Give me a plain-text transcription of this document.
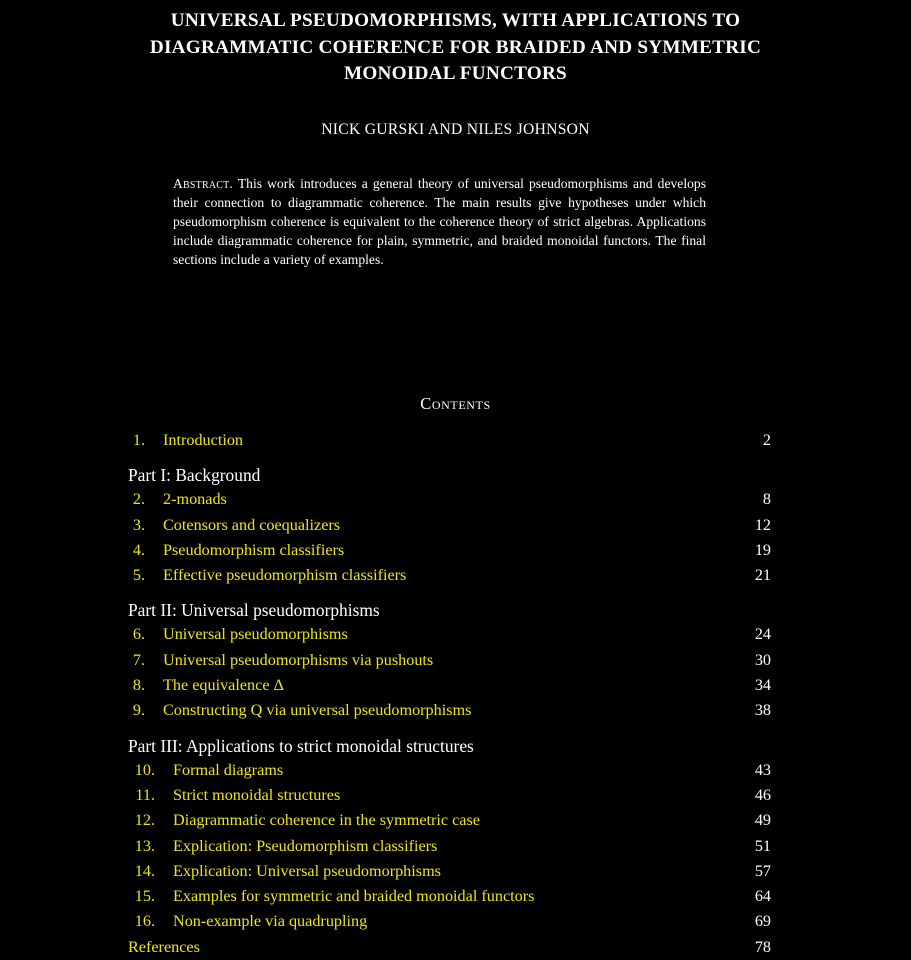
UNIVERSAL PSEUDOMORPHISMS, WITH APPLICATIONS TO
DIAGRAMMATIC COHERENCE FOR BRAIDED AND SYMMETRIC
MONOIDAL FUNCTORS
NICK GURSKI AND NILES JOHNSON
Abstract. This work introduces a general theory of universal pseudomorphisms and develops their connection to diagrammatic coherence. The main results give hypotheses under which pseudomorphism coherence is equivalent to the coherence theory of strict algebras. Applications include diagrammatic coherence for plain, symmetric, and braided monoidal functors. The final sections include a variety of examples.
Contents
1. Introduction	2
Part I: Background
2. 2-monads	8
3. Cotensors and coequalizers	12
4. Pseudomorphism classifiers	19
5. Effective pseudomorphism classifiers	21
Part II: Universal pseudomorphisms
6. Universal pseudomorphisms	24
7. Universal pseudomorphisms via pushouts	30
8. The equivalence Δ	34
9. Constructing Q via universal pseudomorphisms	38
Part III: Applications to strict monoidal structures
10. Formal diagrams	43
11. Strict monoidal structures	46
12. Diagrammatic coherence in the symmetric case	49
13. Explication: Pseudomorphism classifiers	51
14. Explication: Universal pseudomorphisms	57
15. Examples for symmetric and braided monoidal functors	64
16. Non-example via quadrupling	69
References	78
